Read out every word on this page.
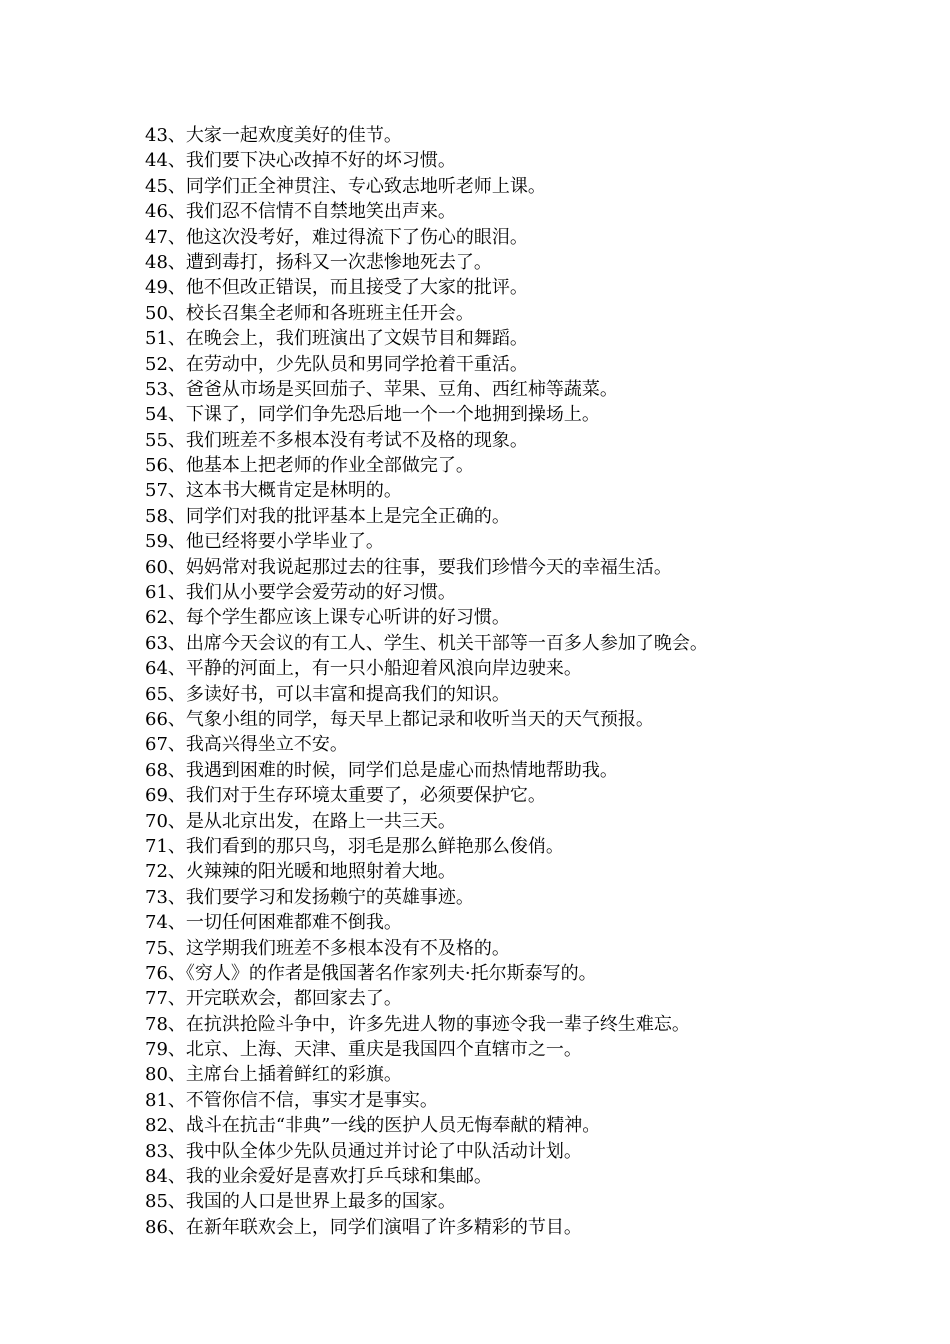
43、大家一起欢度美好的佳节。
44、我们要下决心改掉不好的坏习惯。
45、同学们正全神贯注、专心致志地听老师上课。
46、我们忍不信情不自禁地笑出声来。
47、他这次没考好，难过得流下了伤心的眼泪。
48、遭到毒打，扬科又一次悲惨地死去了。
49、他不但改正错误，而且接受了大家的批评。
50、校长召集全老师和各班班主任开会。
51、在晚会上，我们班演出了文娱节目和舞蹈。
52、在劳动中，少先队员和男同学抢着干重活。
53、爸爸从市场是买回茄子、苹果、豆角、西红柿等蔬菜。
54、下课了，同学们争先恐后地一个一个地拥到操场上。
55、我们班差不多根本没有考试不及格的现象。
56、他基本上把老师的作业全部做完了。
57、这本书大概肯定是林明的。
58、同学们对我的批评基本上是完全正确的。
59、他已经将要小学毕业了。
60、妈妈常对我说起那过去的往事，要我们珍惜今天的幸福生活。
61、我们从小要学会爱劳动的好习惯。
62、每个学生都应该上课专心听讲的好习惯。
63、出席今天会议的有工人、学生、机关干部等一百多人参加了晚会。
64、平静的河面上，有一只小船迎着风浪向岸边驶来。
65、多读好书，可以丰富和提高我们的知识。
66、气象小组的同学，每天早上都记录和收听当天的天气预报。
67、我高兴得坐立不安。
68、我遇到困难的时候，同学们总是虚心而热情地帮助我。
69、我们对于生存环境太重要了，必须要保护它。
70、是从北京出发，在路上一共三天。
71、我们看到的那只鸟，羽毛是那么鲜艳那么俊俏。
72、火辣辣的阳光暖和地照射着大地。
73、我们要学习和发扬赖宁的英雄事迹。
74、一切任何困难都难不倒我。
75、这学期我们班差不多根本没有不及格的。
76、《穷人》的作者是俄国著名作家列夫·托尔斯泰写的。
77、开完联欢会，都回家去了。
78、在抗洪抢险斗争中，许多先进人物的事迹令我一辈子终生难忘。
79、北京、上海、天津、重庆是我国四个直辖市之一。
80、主席台上插着鲜红的彩旗。
81、不管你信不信，事实才是事实。
82、战斗在抗击“非典”一线的医护人员无悔奉献的精神。
83、我中队全体少先队员通过并讨论了中队活动计划。
84、我的业余爱好是喜欢打乒乓球和集邮。
85、我国的人口是世界上最多的国家。
86、在新年联欢会上，同学们演唱了许多精彩的节目。
